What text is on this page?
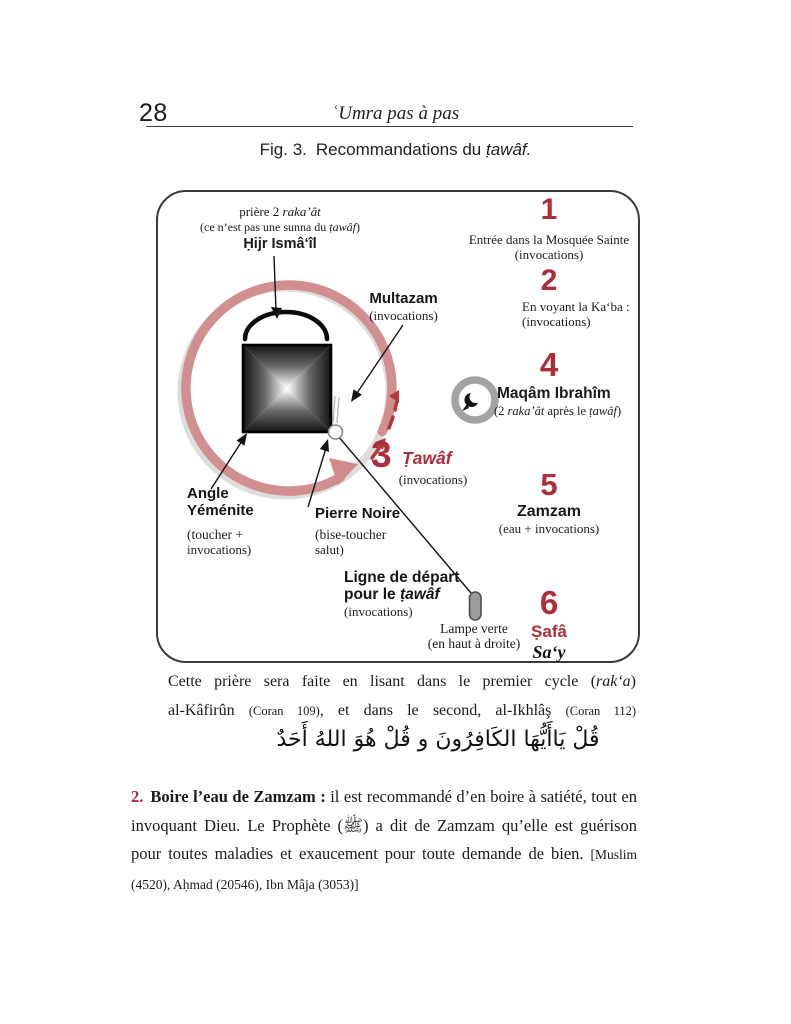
28	ʿUmra pas à pas
Fig. 3. Recommandations du ṭawâf.
prière 2 raka’ât
(ce n’est pas une sunna du ṭawâf)
Ḥijr Ismâ‘îl
Multazam
(invocations)
1
Entrée dans la Mosquée Sainte
(invocations)
2
En voyant la Ka‘ba :
(invocations)
3 Ṭawâf
(invocations)
4
Maqâm Ibrahîm
(2 raka’ât après le ṭawâf)
5
Zamzam
(eau + invocations)
6
Ṣafâ
Sa‘y
Angle
Yéménite
(toucher +
invocations)
Pierre Noire
(bise-toucher
salut)
Ligne de départ
pour le ṭawâf
(invocations)
Lampe verte
(en haut à droite)
Cette prière sera faite en lisant dans le premier cycle (rak‘a)
al-Kâfirûn (Coran 109), et dans le second, al-Ikhlâş (Coran 112)
قُلْ يَاأَيُّهَا الكَافِرُونَ و قُلْ هُوَ اللهُ أَحَدٌ
2. Boire l’eau de Zamzam : il est recommandé d’en boire à satiété, tout en invoquant Dieu. Le Prophète (ﷺ) a dit de Zamzam qu’elle est guérison pour toutes maladies et exaucement pour toute demande de bien. [Muslim (4520), Aḥmad (20546), Ibn Mâja (3053)]
